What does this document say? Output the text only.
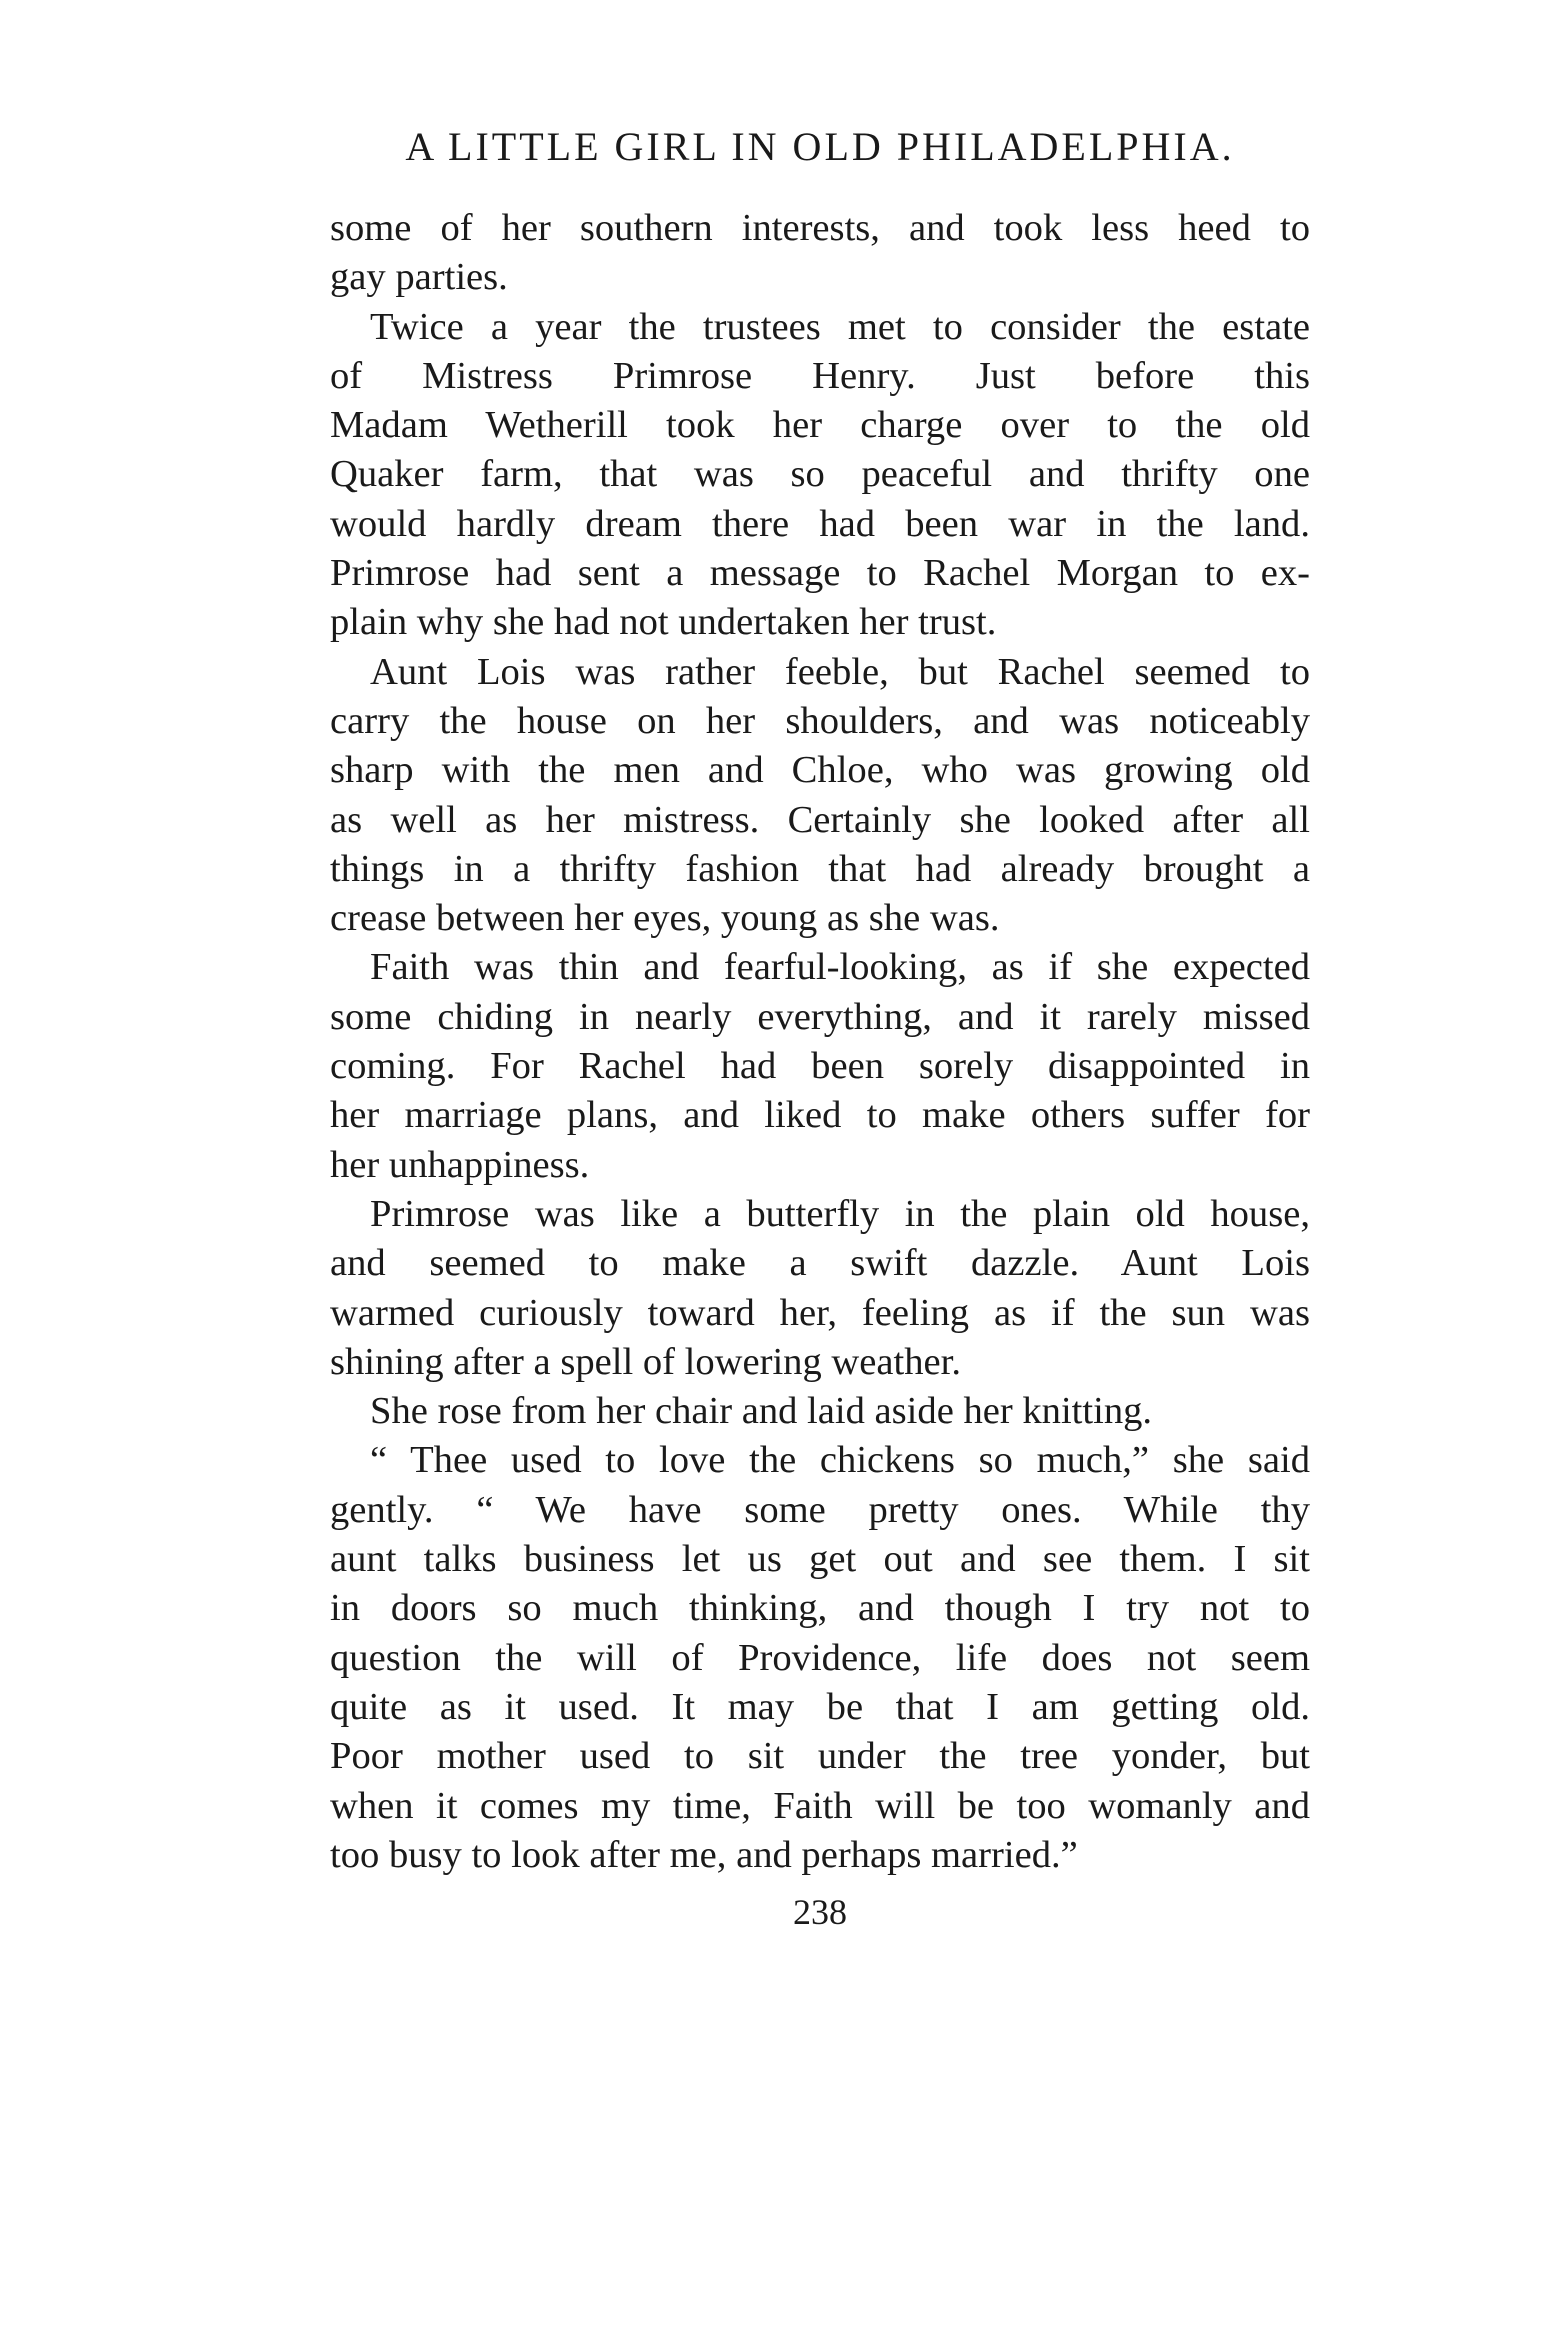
A LITTLE GIRL IN OLD PHILADELPHIA.
some of her southern interests, and took less heed to
gay parties.
Twice a year the trustees met to consider the estate
of Mistress Primrose Henry. Just before this
Madam Wetherill took her charge over to the old
Quaker farm, that was so peaceful and thrifty one
would hardly dream there had been war in the land.
Primrose had sent a message to Rachel Morgan to ex-
plain why she had not undertaken her trust.
Aunt Lois was rather feeble, but Rachel seemed to
carry the house on her shoulders, and was noticeably
sharp with the men and Chloe, who was growing old
as well as her mistress. Certainly she looked after all
things in a thrifty fashion that had already brought a
crease between her eyes, young as she was.
Faith was thin and fearful-looking, as if she expected
some chiding in nearly everything, and it rarely missed
coming. For Rachel had been sorely disappointed in
her marriage plans, and liked to make others suffer for
her unhappiness.
Primrose was like a butterfly in the plain old house,
and seemed to make a swift dazzle. Aunt Lois
warmed curiously toward her, feeling as if the sun was
shining after a spell of lowering weather.
She rose from her chair and laid aside her knitting.
“ Thee used to love the chickens so much,” she said
gently. “ We have some pretty ones. While thy
aunt talks business let us get out and see them. I sit
in doors so much thinking, and though I try not to
question the will of Providence, life does not seem
quite as it used. It may be that I am getting old.
Poor mother used to sit under the tree yonder, but
when it comes my time, Faith will be too womanly and
too busy to look after me, and perhaps married.”
238
